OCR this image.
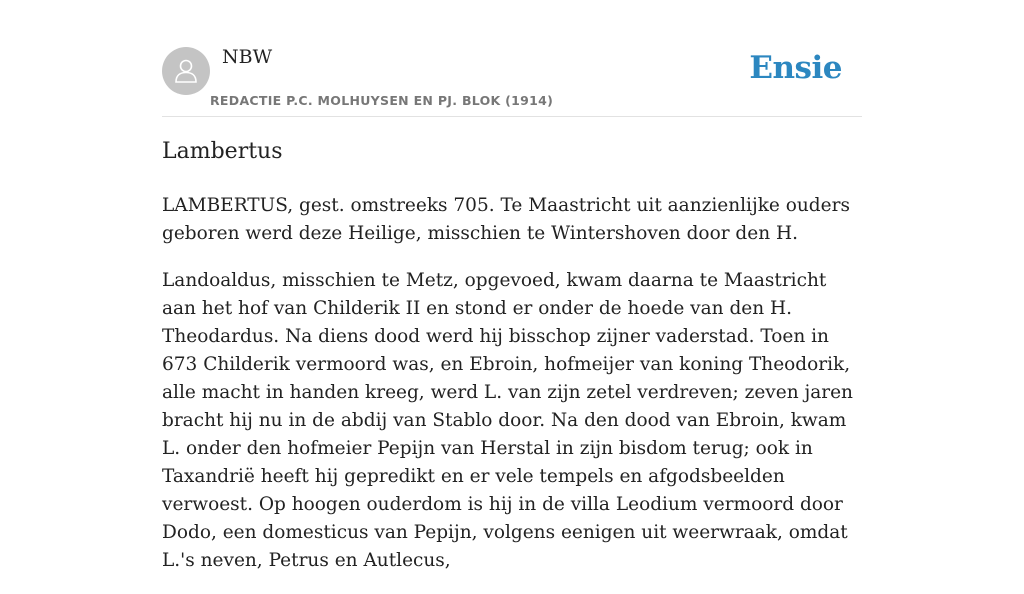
NBW
REDACTIE P.C. MOLHUYSEN EN PJ. BLOK (1914)
Ensie
Lambertus

LAMBERTUS, gest. omstreeks 705. Te Maastricht uit aanzienlijke ouders geboren werd deze Heilige, misschien te Wintershoven door den H.

Landoaldus, misschien te Metz, opgevoed, kwam daarna te Maastricht aan het hof van Childerik II en stond er onder de hoede van den H. Theodardus. Na diens dood werd hij bisschop zijner vaderstad. Toen in 673 Childerik vermoord was, en Ebroin, hofmeijer van koning Theodorik, alle macht in handen kreeg, werd L. van zijn zetel verdreven; zeven jaren bracht hij nu in de abdij van Stablo door. Na den dood van Ebroin, kwam L. onder den hofmeier Pepijn van Herstal in zijn bisdom terug; ook in Taxandrië heeft hij gepredikt en er vele tempels en afgodsbeelden verwoest. Op hoogen ouderdom is hij in de villa Leodium vermoord door Dodo, een domesticus van Pepijn, volgens eenigen uit weerwraak, omdat L.'s neven, Petrus en Autlecus,
